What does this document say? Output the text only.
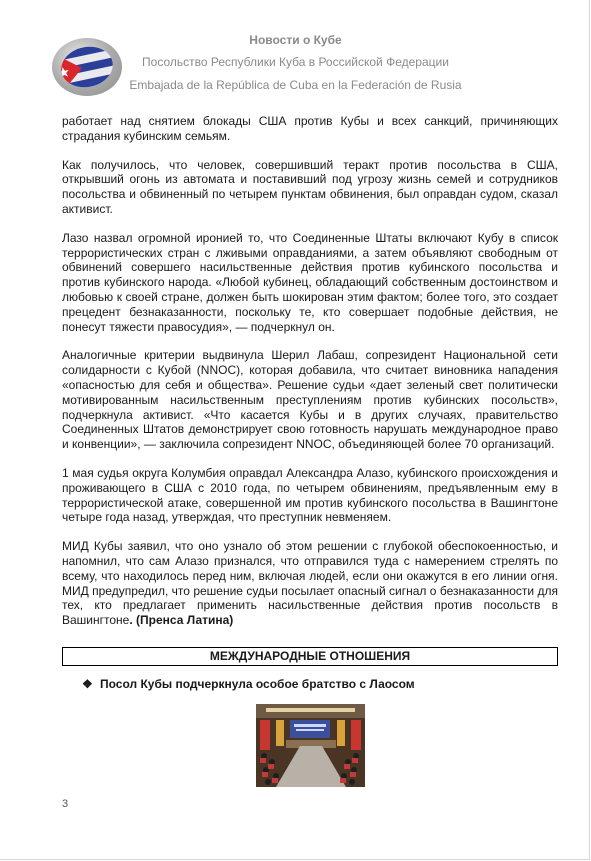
Новости о Кубе
Посольство Республики Куба в Российской Федерации
Embajada de la República de Cuba en la Federación de Rusia

работает над снятием блокады США против Кубы и всех санкций, причиняющих страдания кубинским семьям.

Как получилось, что человек, совершивший теракт против посольства в США, открывший огонь из автомата и поставивший под угрозу жизнь семей и сотрудников посольства и обвиненный по четырем пунктам обвинения, был оправдан судом, сказал активист.

Лазо назвал огромной иронией то, что Соединенные Штаты включают Кубу в список террористических стран с лживыми оправданиями, а затем объявляют свободным от обвинений совершего насильственные действия против кубинского посольства и против кубинского народа. «Любой кубинец, обладающий собственным достоинством и любовью к своей стране, должен быть шокирован этим фактом; более того, это создает прецедент безнаказанности, поскольку те, кто совершает подобные действия, не понесут тяжести правосудия», — подчеркнул он.

Аналогичные критерии выдвинула Шерил Лабаш, сопрезидент Национальной сети солидарности с Кубой (NNOC), которая добавила, что считает виновника нападения «опасностью для себя и общества». Решение судьи «дает зеленый свет политически мотивированным насильственным преступлениям против кубинских посольств», подчеркнула активист. «Что касается Кубы и в других случаях, правительство Соединенных Штатов демонстрирует свою готовность нарушать международное право и конвенции», — заключила сопрезидент NNOC, объединяющей более 70 организаций.

1 мая судья округа Колумбия оправдал Александра Алазо, кубинского происхождения и проживающего в США с 2010 года, по четырем обвинениям, предъявленным ему в террористической атаке, совершенной им против кубинского посольства в Вашингтоне четыре года назад, утверждая, что преступник невменяем.

МИД Кубы заявил, что оно узнало об этом решении с глубокой обеспокоенностью, и напомнил, что сам Алазо признался, что отправился туда с намерением стрелять по всему, что находилось перед ним, включая людей, если они окажутся в его линии огня. МИД предупредил, что решение судьи посылает опасный сигнал о безнаказанности для тех, кто предлагает применить насильственные действия против посольств в Вашингтоне. (Пренса Латина)

МЕЖДУНАРОДНЫЕ ОТНОШЕНИЯ
❖ Посол Кубы подчеркнула особое братство с Лаосом
3
